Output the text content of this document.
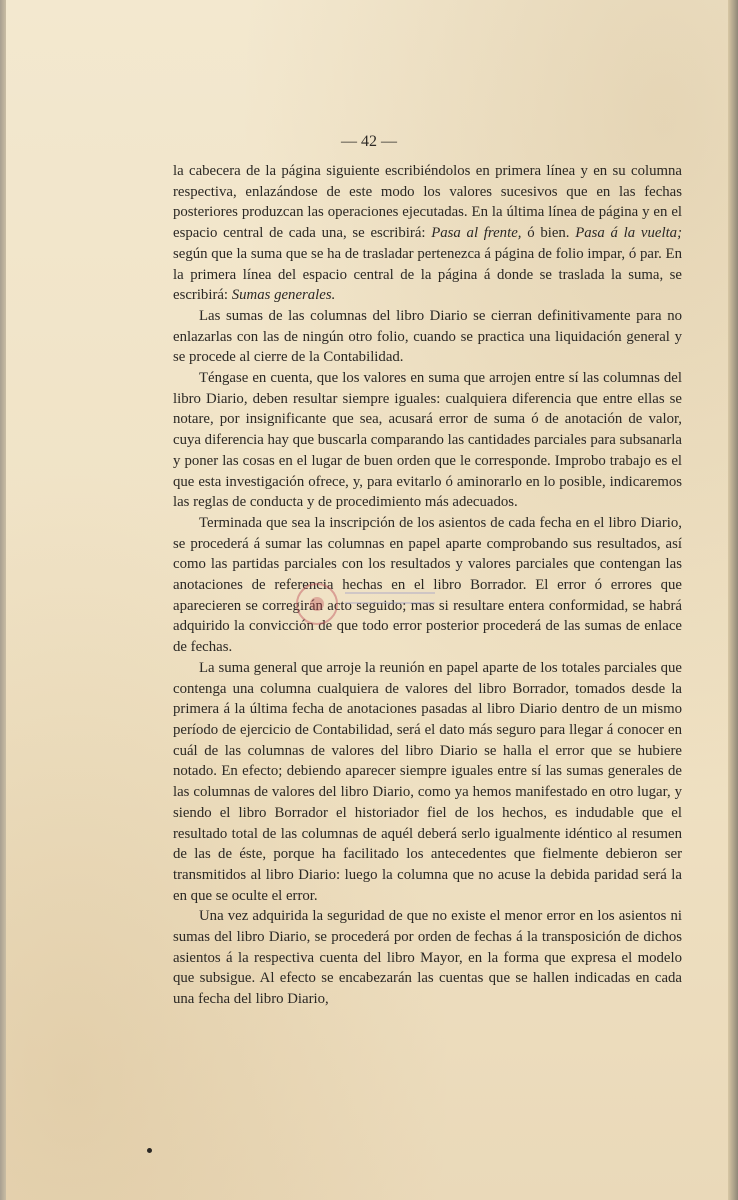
— 42 —

la cabecera de la página siguiente escribiéndolos en primera línea y en su columna respectiva, enlazándose de este modo los valores sucesivos que en las fechas posteriores produzcan las operaciones ejecutadas. En la última línea de página y en el espacio central de cada una, se escribirá: Pasa al frente, ó bien. Pasa á la vuelta; según que la suma que se ha de trasladar pertenezca á página de folio impar, ó par. En la primera línea del espacio central de la página á donde se traslada la suma, se escribirá: Sumas generales.

Las sumas de las columnas del libro Diario se cierran definitivamente para no enlazarlas con las de ningún otro folio, cuando se practica una liquidación general y se procede al cierre de la Contabilidad.

Téngase en cuenta, que los valores en suma que arrojen entre sí las columnas del libro Diario, deben resultar siempre iguales: cualquiera diferencia que entre ellas se notare, por insignificante que sea, acusará error de suma ó de anotación de valor, cuya diferencia hay que buscarla comparando las cantidades parciales para subsanarla y poner las cosas en el lugar de buen orden que le corresponde. Improbo trabajo es el que esta investigación ofrece, y, para evitarlo ó aminorarlo en lo posible, indicaremos las reglas de conducta y de procedimiento más adecuados.

Terminada que sea la inscripción de los asientos de cada fecha en el libro Diario, se procederá á sumar las columnas en papel aparte comprobando sus resultados, así como las partidas parciales con los resultados y valores parciales que contengan las anotaciones de referencia hechas en el libro Borrador. El error ó errores que aparecieren se corregirán acto seguido; mas si resultare entera conformidad, se habrá adquirido la convicción de que todo error posterior procederá de las sumas de enlace de fechas.

La suma general que arroje la reunión en papel aparte de los totales parciales que contenga una columna cualquiera de valores del libro Borrador, tomados desde la primera á la última fecha de anotaciones pasadas al libro Diario dentro de un mismo período de ejercicio de Contabilidad, será el dato más seguro para llegar á conocer en cuál de las columnas de valores del libro Diario se halla el error que se hubiere notado. En efecto; debiendo aparecer siempre iguales entre sí las sumas generales de las columnas de valores del libro Diario, como ya hemos manifestado en otro lugar, y siendo el libro Borrador el historiador fiel de los hechos, es indudable que el resultado total de las columnas de aquél deberá serlo igualmente idéntico al resumen de las de éste, porque ha facilitado los antecedentes que fielmente debieron ser transmitidos al libro Diario: luego la columna que no acuse la debida paridad será la en que se oculte el error.

Una vez adquirida la seguridad de que no existe el menor error en los asientos ni sumas del libro Diario, se procederá por orden de fechas á la transposición de dichos asientos á la respectiva cuenta del libro Mayor, en la forma que expresa el modelo que subsigue. Al efecto se encabezarán las cuentas que se hallen indicadas en cada una fecha del libro Diario,
